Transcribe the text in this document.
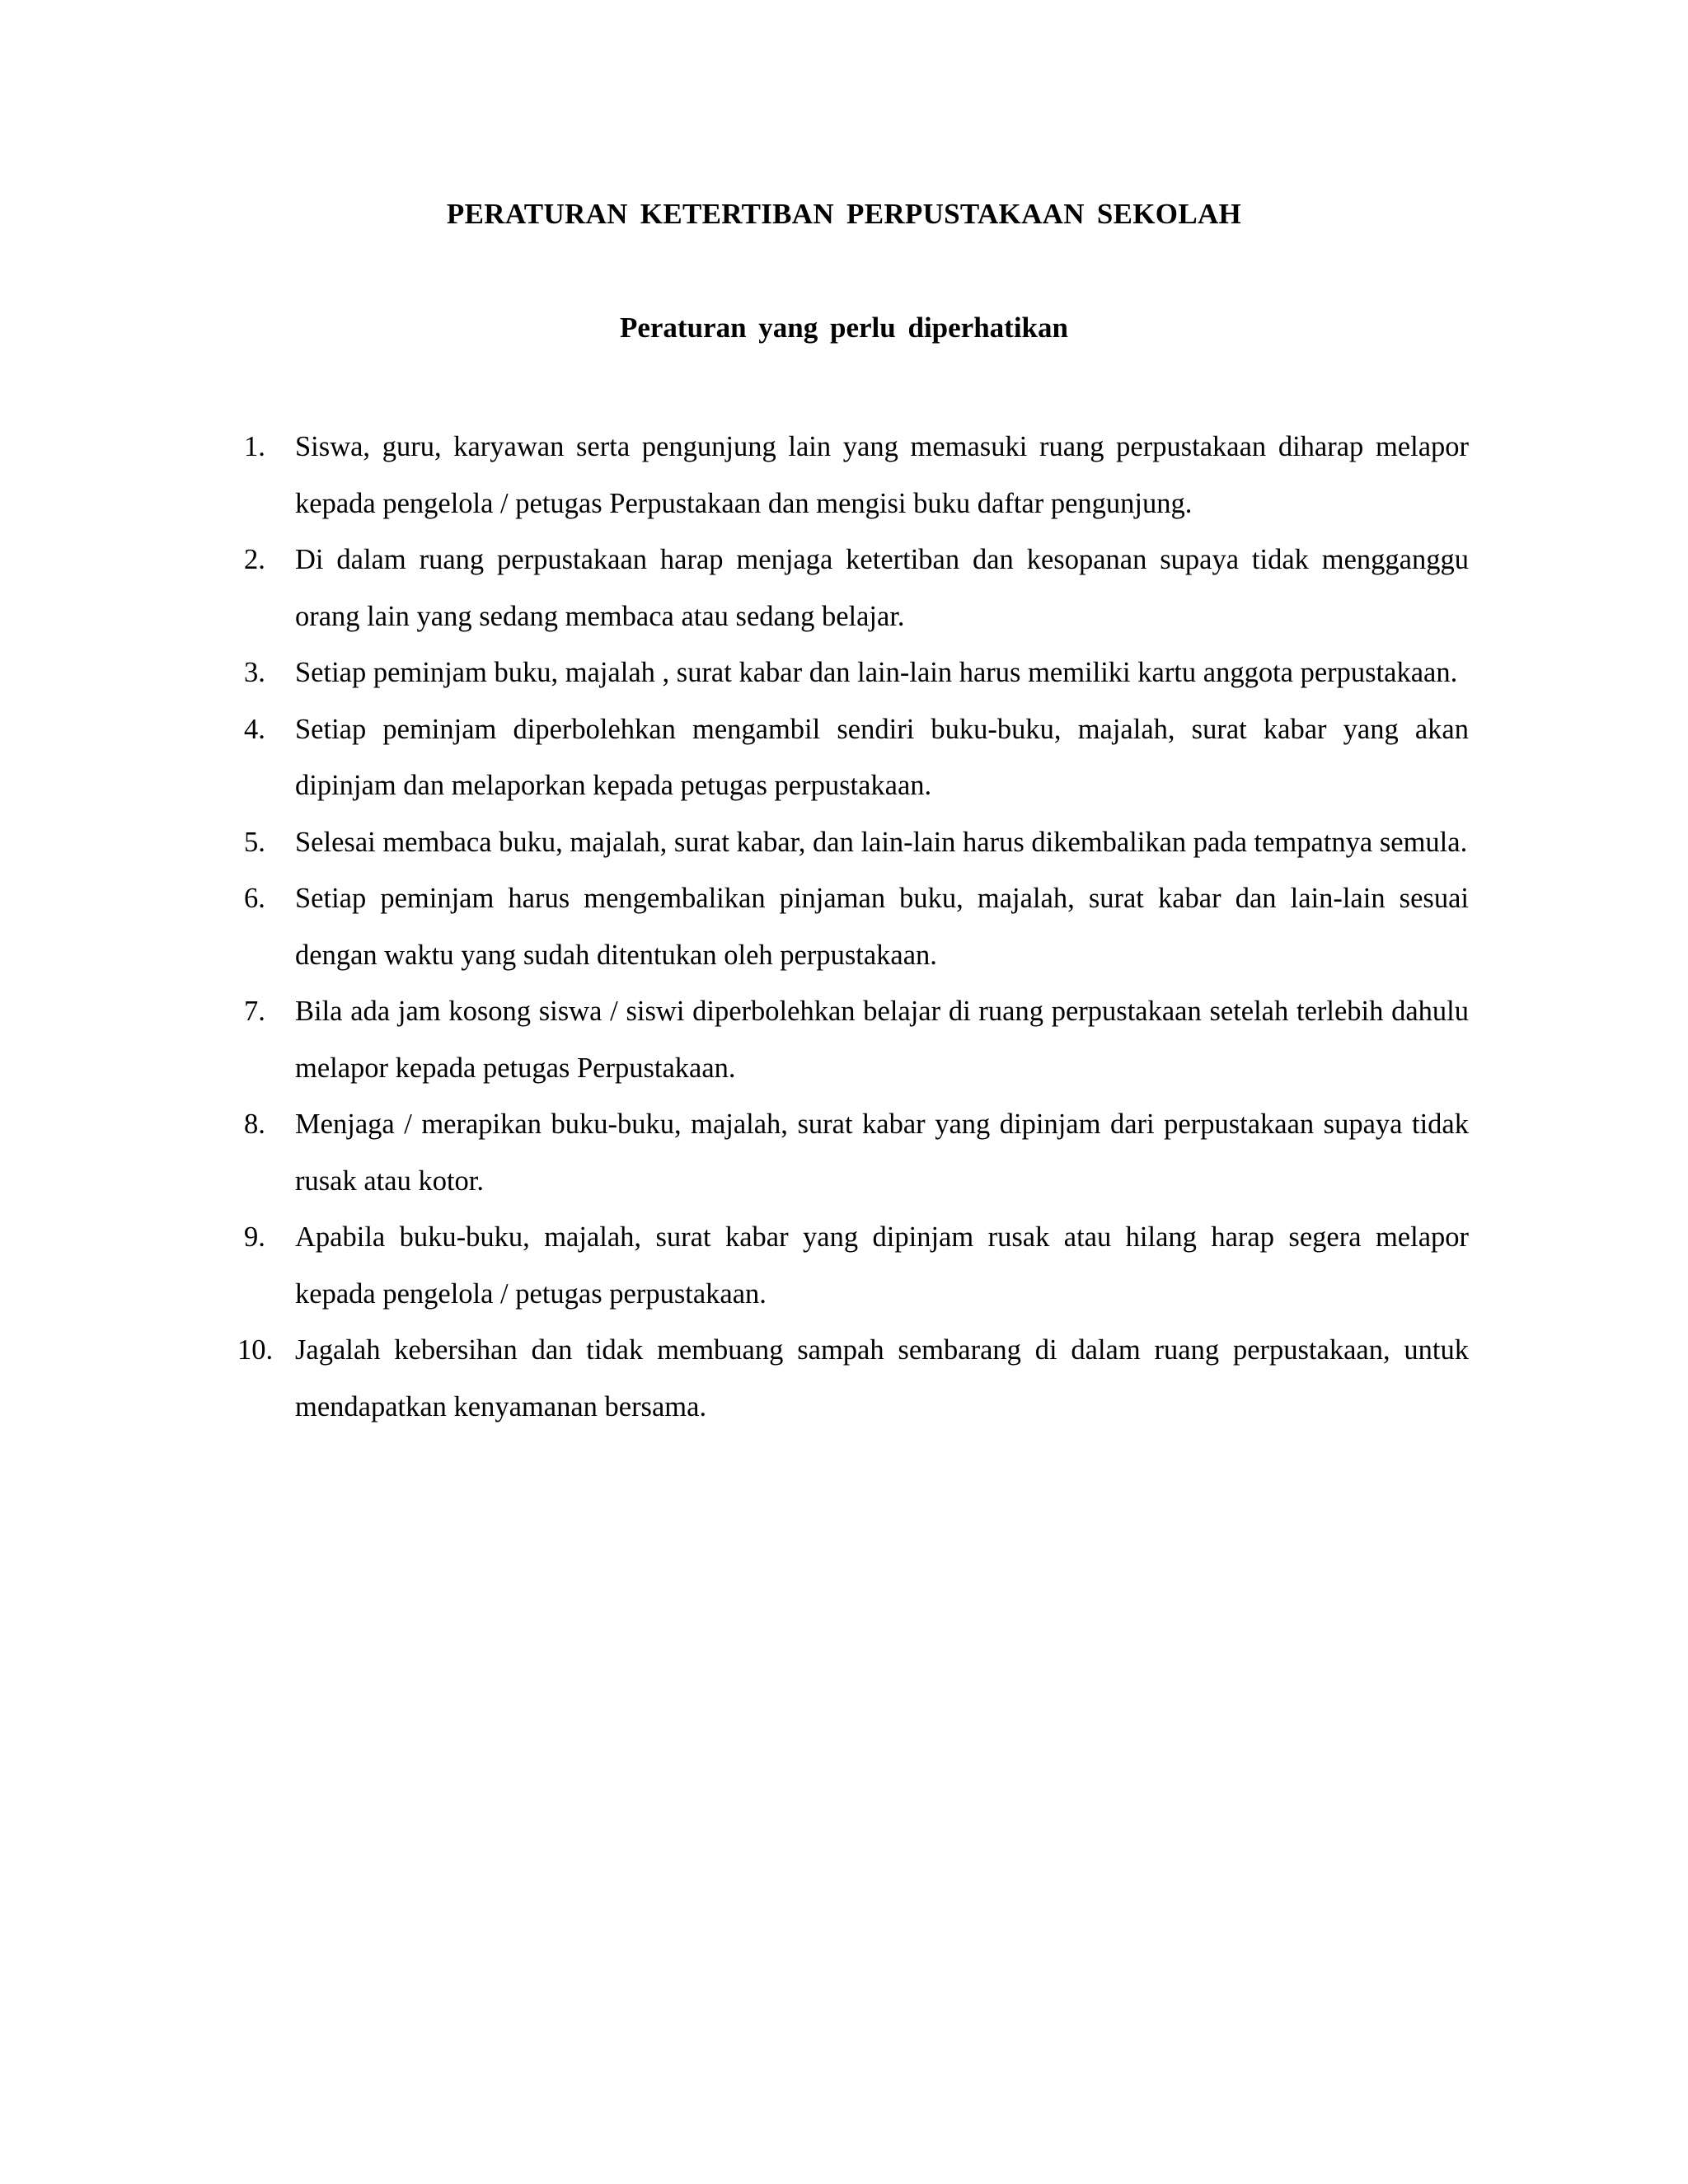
PERATURAN KETERTIBAN PERPUSTAKAAN SEKOLAH
Peraturan yang perlu diperhatikan
1.	Siswa, guru, karyawan serta pengunjung lain yang memasuki ruang perpustakaan diharap melapor kepada pengelola / petugas Perpustakaan dan mengisi buku daftar pengunjung.
2.	Di dalam ruang perpustakaan harap menjaga ketertiban dan kesopanan supaya tidak mengganggu orang lain yang sedang membaca atau sedang belajar.
3.	Setiap peminjam buku, majalah , surat kabar dan lain-lain harus memiliki kartu anggota perpustakaan.
4.	Setiap peminjam diperbolehkan mengambil sendiri buku-buku, majalah, surat kabar yang akan dipinjam dan melaporkan kepada petugas perpustakaan.
5.	Selesai membaca buku, majalah, surat kabar, dan lain-lain harus dikembalikan pada tempatnya semula.
6.	Setiap peminjam harus mengembalikan pinjaman buku, majalah, surat kabar dan lain-lain sesuai dengan waktu yang sudah ditentukan oleh perpustakaan.
7.	Bila ada jam kosong siswa / siswi diperbolehkan belajar di ruang perpustakaan setelah terlebih dahulu melapor kepada petugas Perpustakaan.
8.	Menjaga / merapikan buku-buku, majalah, surat kabar yang dipinjam dari perpustakaan supaya tidak rusak atau kotor.
9.	Apabila buku-buku, majalah, surat kabar yang dipinjam rusak atau hilang harap segera melapor kepada pengelola / petugas perpustakaan.
10. Jagalah kebersihan dan tidak membuang sampah sembarang di dalam ruang perpustakaan, untuk mendapatkan kenyamanan bersama.
